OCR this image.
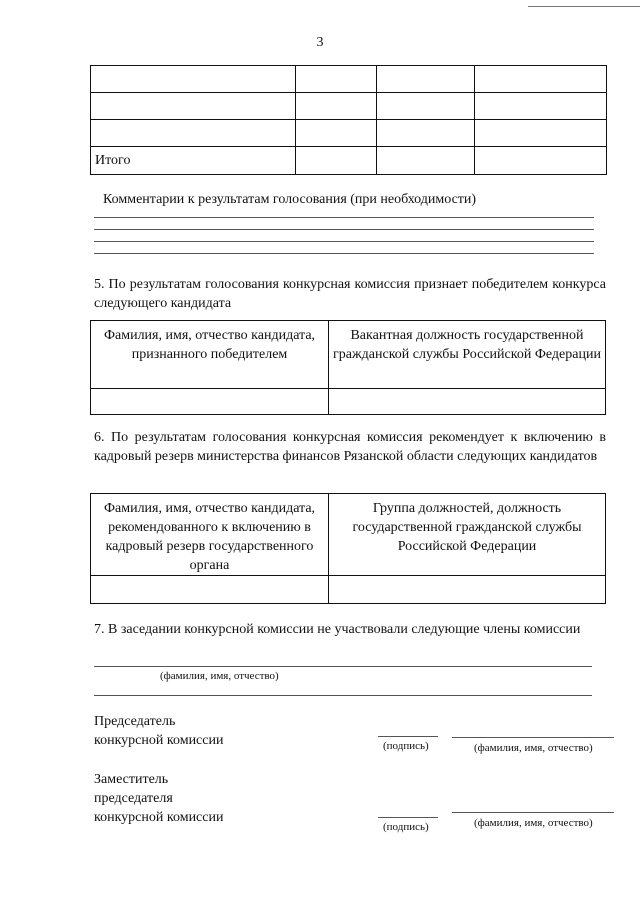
3

Итого			
Комментарии к результатам голосования (при необходимости)
5. По результатам голосования конкурсная комиссия признает победителем конкурса следующего кандидата
Фамилия, имя, отчество кандидата, признанного победителем	Вакантная должность государственной гражданской службы Российской Федерации

6. По результатам голосования конкурсная комиссия рекомендует к включению в кадровый резерв министерства финансов Рязанской области следующих кандидатов
Фамилия, имя, отчество кандидата, рекомендованного к включению в кадровый резерв государственного органа	Группа должностей, должность государственной гражданской службы Российской Федерации

7. В заседании конкурсной комиссии не участвовали следующие члены комиссии
(фамилия, имя, отчество)
Председатель
конкурсной комиссии	(подпись)	(фамилия, имя, отчество)
Заместитель
председателя
конкурсной комиссии
(подпись)	(фамилия, имя, отчество)
